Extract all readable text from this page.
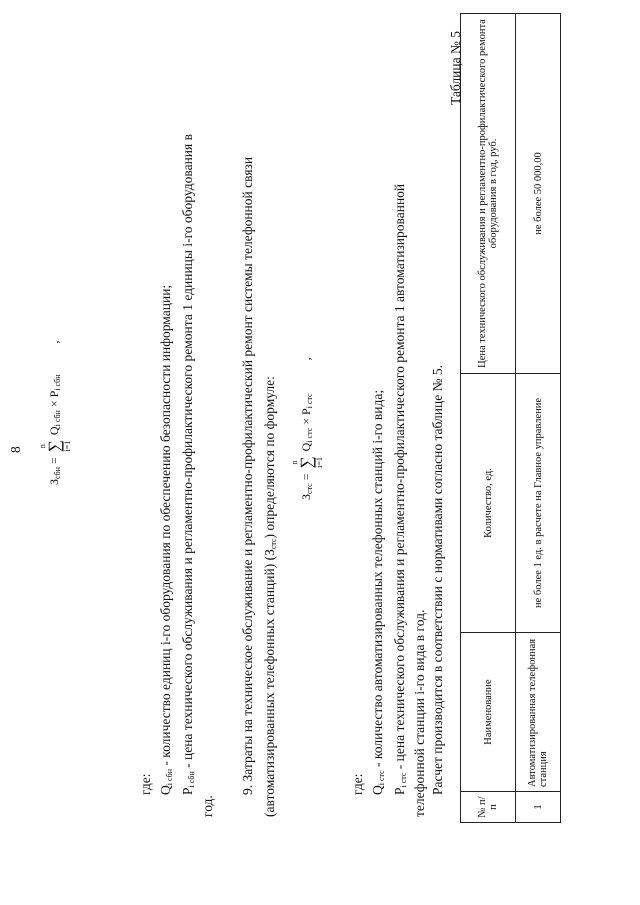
8
$З_{сбн} = n$
∑ i=1 $Q_{i сбн} \times P_{i сбн}$ ,
где: $Q_{i сбн}$ - количество единиц i-го оборудования по обеспечению безопасности информации;
$P_{i сбн}$ - цена технического обслуживания и регламентно-профилактического ремонта 1 единицы i-го оборудования в
год.
9. Затраты на техническое обслуживание и регламентно-профилактический ремонт системы телефонной связи (автоматизированных телефонных станций) $(З_{стс})$ определяются по формуле:	$З_{стс} = n$
∑ i=1 $Q_{i стс} \times P_{i стс}$ ,
где: $Q_{i стс}$ - количество автоматизированных телефонных станций i-го вида;
$P_{i стс}$ - цена технического обслуживания и регламентно-профилактического ремонта 1 автоматизированной телефонной станции i-го вида в год. Расчет производится в соответствии с нормативами согласно таблице № 5.
Таблица № 5
№ п/п	Наименование	Количество, ед.	Цена технического обслуживания и регламентно-профилактического ремонта оборудования в год, руб.
1	Автоматизированная телефонная станция	не более 1 ед. в расчете на Главное управление	не более 50 000,00
